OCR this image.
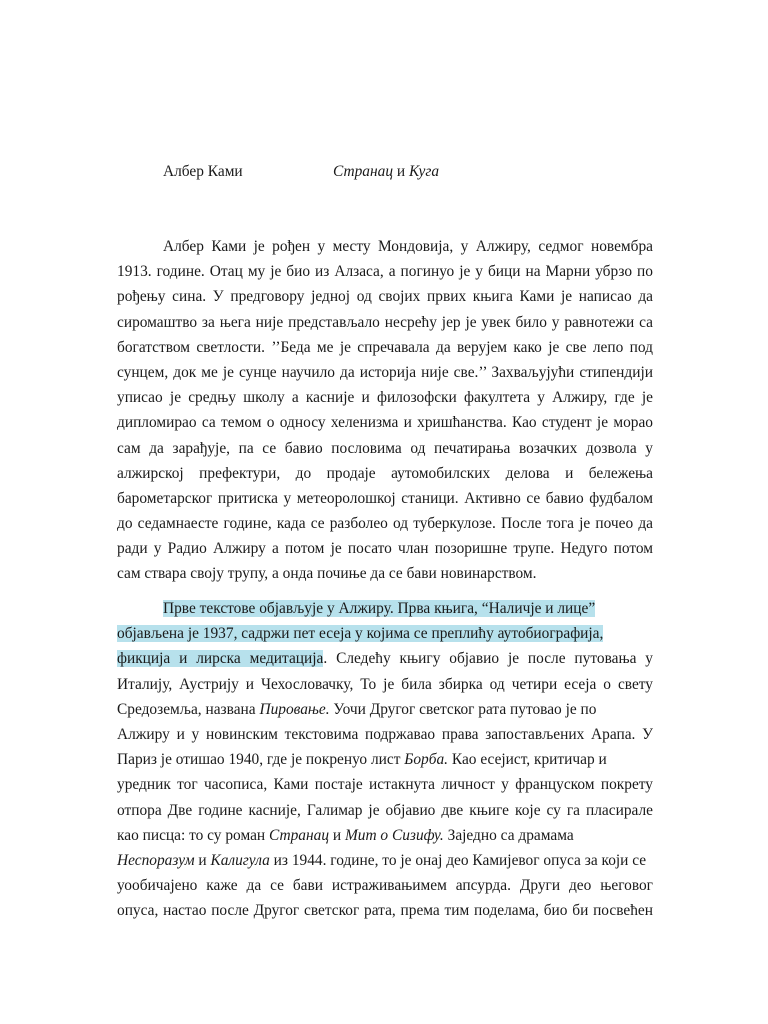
Албер Ками	Странац и Куга
Албер Ками је рођен у месту Мондовија, у Алжиру, седмог новембра
1913. године. Отац му је био из Алзаса, а погинуо је у бици на Марни убрзо по
рођењу сина. У предговору једној од својих првих књига Ками је написао да
сиромаштво за њега није представљало несрећу јер је увек било у равнотежи са
богатством светлости. ’’Беда ме је спречавала да верујем како је све лепо под
сунцем, док ме је сунце научило да историја није све.’’ Захваљујући стипендији
уписао је средњу школу а касније и филозофски факултета у Алжиру, где је
дипломирао са темом о односу хеленизма и хришћанства. Као студент је морао
сам да зарађује, па се бавио пословима од печатирања возачких дозвола у
алжирској префектури, до продаје аутомобилских делова и бележења
барометарског притиска у метеоролошкој станици. Активно се бавио фудбалом
до седамнаесте године, када се разболео од туберкулозе. После тога је почео да
ради у Радио Алжиру а потом је посато члан позоришне трупе. Недуго потом
сам ствара своју трупу, а онда почиње да се бави новинарством.
Прве текстове објављује у Алжиру. Прва књига, “Наличје и лице”
објављена је 1937, садржи пет есеја у којима се преплићу аутобиографија,
фикција и лирска медитација. Следећу књигу објавио је после путовања у
Италију, Аустрију и Чехословачку, То је била збирка од четири есеја о свету
Средоземља, названа Пировање. Уочи Другог светског рата путовао је по
Алжиру и у новинским текстовима подржавао права запостављених Арапа. У
Париз је отишао 1940, где је покренуо лист Борба. Као есејист, критичар и
уредник тог часописа, Ками постаје истакнута личност у француском покрету
отпора Две године касније, Галимар је објавио две књиге које су га пласирале
као писца: то су роман Странац и Мит о Сизифу. Заједно са драмама
Неспоразум и Калигула из 1944. године, то је онај део Камијевог опуса за који се
уообичајено каже да се бави истраживањимем апсурда. Други део његовог
опуса, настао после Другог светског рата, према тим поделама, био би посвећен
